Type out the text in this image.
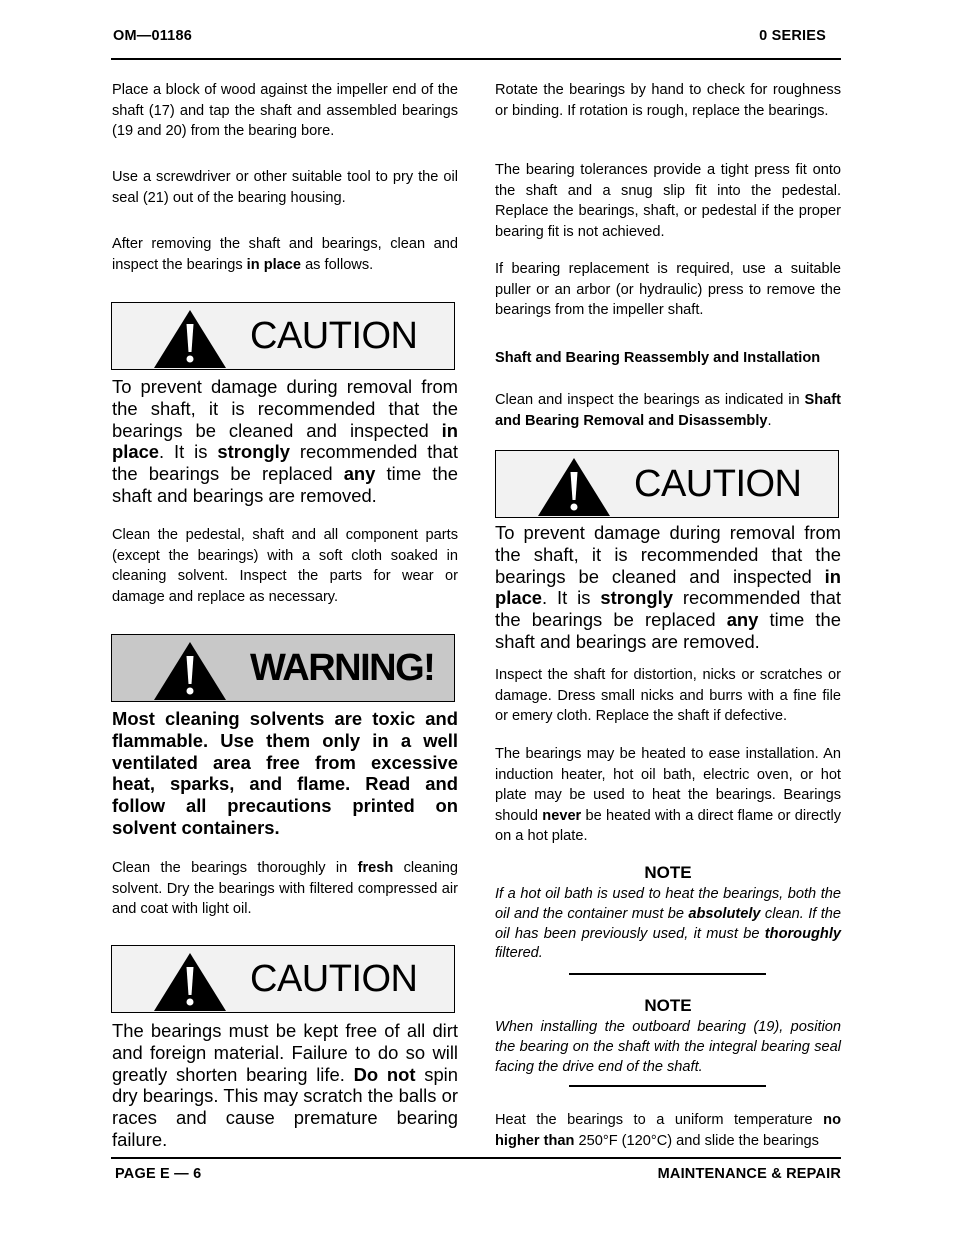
OM—01186	0 SERIES

Place a block of wood against the impeller end of the shaft (17) and tap the shaft and assembled bearings (19 and 20) from the bearing bore.

Use a screwdriver or other suitable tool to pry the oil seal (21) out of the bearing housing.

After removing the shaft and bearings, clean and inspect the bearings in place as follows.

CAUTION

To prevent damage during removal from the shaft, it is recommended that the bearings be cleaned and inspected in place. It is strongly recommended that the bearings be replaced any time the shaft and bearings are removed.

Clean the pedestal, shaft and all component parts (except the bearings) with a soft cloth soaked in cleaning solvent. Inspect the parts for wear or damage and replace as necessary.

WARNING!

Most cleaning solvents are toxic and flammable. Use them only in a well ventilated area free from excessive heat, sparks, and flame. Read and follow all precautions printed on solvent containers.

Clean the bearings thoroughly in fresh cleaning solvent. Dry the bearings with filtered compressed air and coat with light oil.

CAUTION

The bearings must be kept free of all dirt and foreign material. Failure to do so will greatly shorten bearing life. Do not spin dry bearings. This may scratch the balls or races and cause premature bearing failure.

Rotate the bearings by hand to check for roughness or binding. If rotation is rough, replace the bearings.

The bearing tolerances provide a tight press fit onto the shaft and a snug slip fit into the pedestal. Replace the bearings, shaft, or pedestal if the proper bearing fit is not achieved.

If bearing replacement is required, use a suitable puller or an arbor (or hydraulic) press to remove the bearings from the impeller shaft.

Shaft and Bearing Reassembly and Installation

Clean and inspect the bearings as indicated in Shaft and Bearing Removal and Disassembly.

CAUTION

To prevent damage during removal from the shaft, it is recommended that the bearings be cleaned and inspected in place. It is strongly recommended that the bearings be replaced any time the shaft and bearings are removed.

Inspect the shaft for distortion, nicks or scratches or damage. Dress small nicks and burrs with a fine file or emery cloth. Replace the shaft if defective.

The bearings may be heated to ease installation. An induction heater, hot oil bath, electric oven, or hot plate may be used to heat the bearings. Bearings should never be heated with a direct flame or directly on a hot plate.

NOTE

If a hot oil bath is used to heat the bearings, both the oil and the container must be absolutely clean. If the oil has been previously used, it must be thoroughly filtered.

NOTE

When installing the outboard bearing (19), position the bearing on the shaft with the integral bearing seal facing the drive end of the shaft.

Heat the bearings to a uniform temperature no higher than 250°F (120°C) and slide the bearings

PAGE E — 6	MAINTENANCE & REPAIR
